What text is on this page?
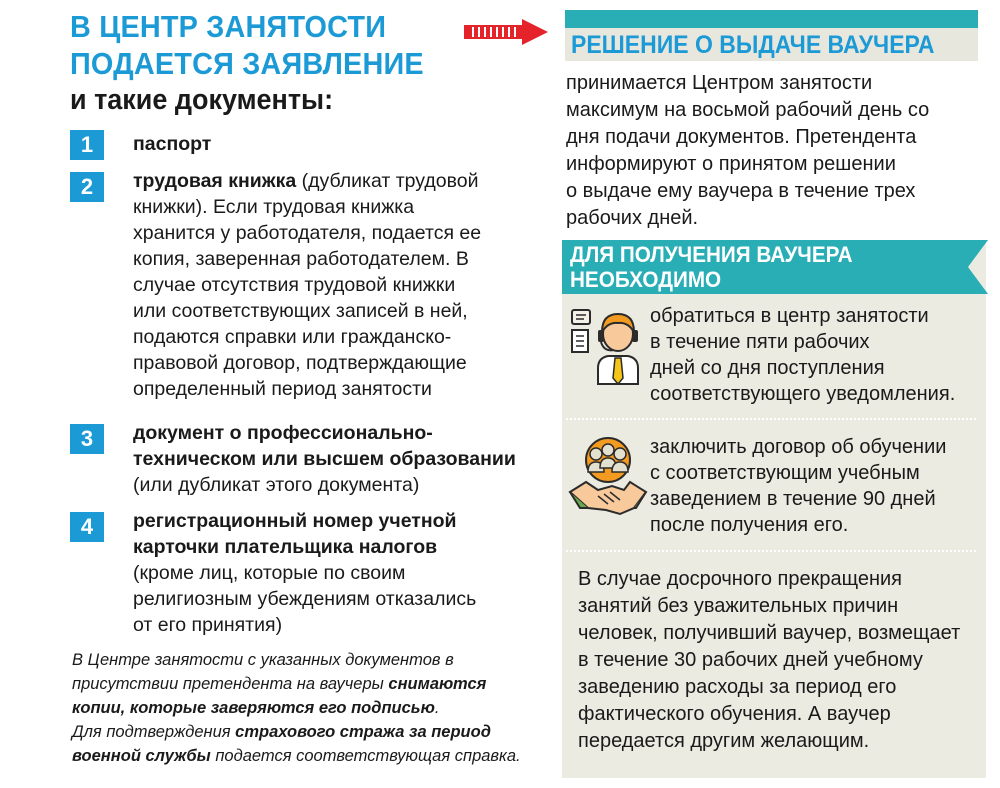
В ЦЕНТР ЗАНЯТОСТИ
ПОДАЕТСЯ ЗАЯВЛЕНИЕ
и такие документы:
1	паспорт
2	трудовая книжка (дубликат трудовой
книжки). Если трудовая книжка
хранится у работодателя, подается ее
копия, заверенная работодателем. В
случае отсутствия трудовой книжки
или соответствующих записей в ней,
подаются справки или гражданско-
правовой договор, подтверждающие
определенный период занятости
3	документ о профессионально-
техническом или высшем образовании
(или дубликат этого документа)
4	регистрационный номер учетной
карточки плательщика налогов
(кроме лиц, которые по своим
религиозным убеждениям отказались
от его принятия)
В Центре занятости с указанных документов в
присутствии претендента на ваучеры снимаются
копии, которые заверяются его подписью.
Для подтверждения страхового стража за период
военной службы подается соответствующая справка.
РЕШЕНИЕ О ВЫДАЧЕ ВАУЧЕРА
принимается Центром занятости
максимум на восьмой рабочий день со
дня подачи документов. Претендента
информируют о принятом решении
о выдаче ему ваучера в течение трех
рабочих дней.
ДЛЯ ПОЛУЧЕНИЯ ВАУЧЕРА
НЕОБХОДИМО
обратиться в центр занятости
в течение пяти рабочих
дней со дня поступления
соответствующего уведомления.
заключить договор об обучении
с соответствующим учебным
заведением в течение 90 дней
после получения его.
В случае досрочного прекращения
занятий без уважительных причин
человек, получивший ваучер, возмещает
в течение 30 рабочих дней учебному
заведению расходы за период его
фактического обучения. А ваучер
передается другим желающим.
